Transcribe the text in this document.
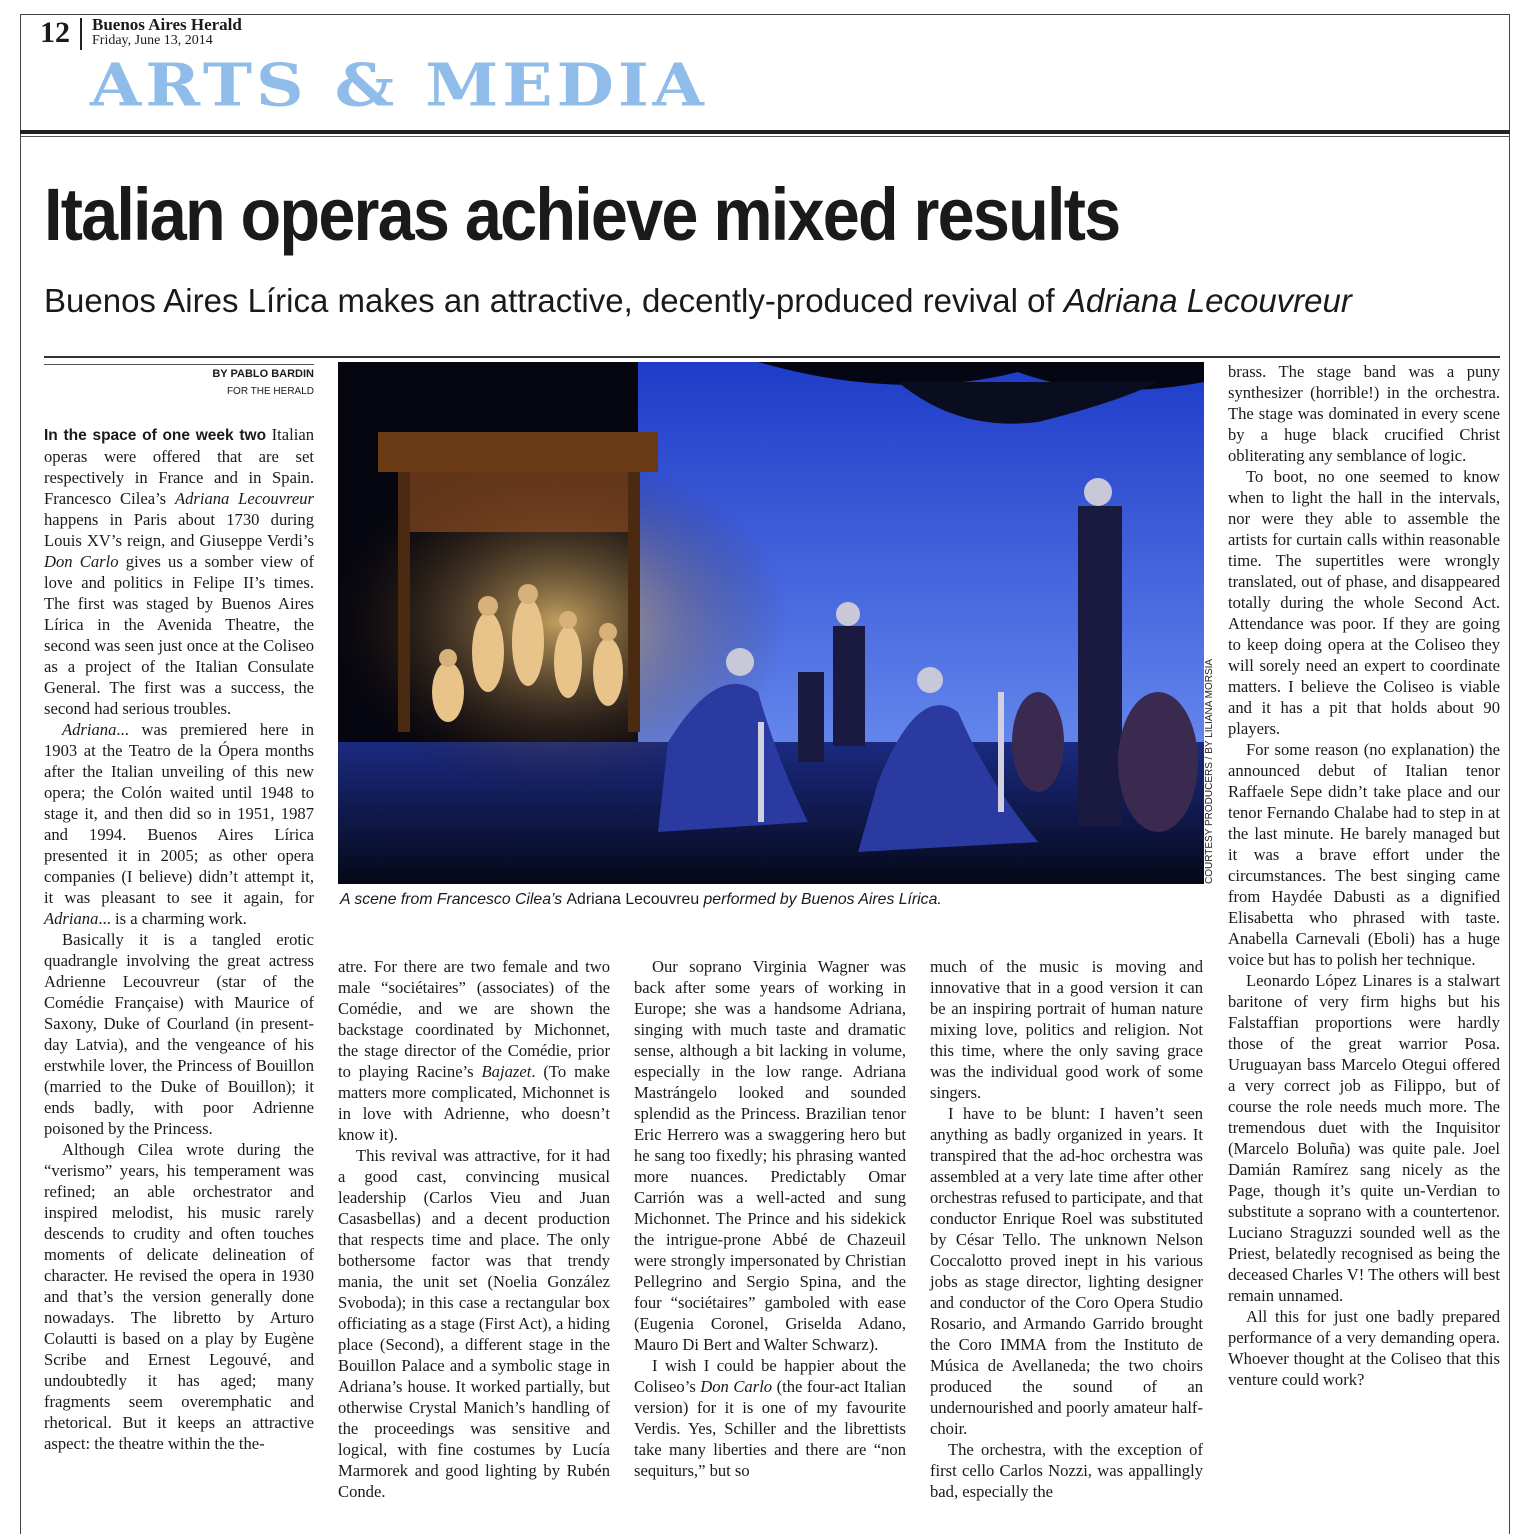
12 Buenos Aires Herald
Friday, June 13, 2014
ARTS & MEDIA
Italian operas achieve mixed results
Buenos Aires Lírica makes an attractive, decently-produced revival of Adriana Lecouvreur
BY PABLO BARDIN
FOR THE HERALD

In the space of one week two Italian operas were offered that are set respectively in France and in Spain. Francesco Cilea’s Adriana Lecouvreur happens in Paris about 1730 during Louis XV’s reign, and Giuseppe Verdi’s Don Carlo gives us a somber view of love and politics in Felipe II’s times. The first was staged by Buenos Aires Lírica in the Avenida Theatre, the second was seen just once at the Coliseo as a project of the Italian Consulate General. The first was a success, the second had serious troubles.

Adriana... was premiered here in 1903 at the Teatro de la Ópera months after the Italian unveiling of this new opera; the Colón waited until 1948 to stage it, and then did so in 1951, 1987 and 1994. Buenos Aires Lírica presented it in 2005; as other opera companies (I believe) didn’t attempt it, it was pleasant to see it again, for Adriana... is a charming work.

Basically it is a tangled erotic quadrangle involving the great actress Adrienne Lecouvreur (star of the Comédie Française) with Maurice of Saxony, Duke of Courland (in present-day Latvia), and the vengeance of his erstwhile lover, the Princess of Bouillon (married to the Duke of Bouillon); it ends badly, with poor Adrienne poisoned by the Princess.

Although Cilea wrote during the “verismo” years, his temperament was refined; an able orchestrator and inspired melodist, his music rarely descends to crudity and often touches moments of delicate delineation of character. He revised the opera in 1930 and that’s the version generally done nowadays. The libretto by Arturo Colautti is based on a play by Eugène Scribe and Ernest Legouvé, and undoubtedly it has aged; many fragments seem overemphatic and rhetorical. But it keeps an attractive aspect: the theatre within the the-

COURTESY PRODUCERS / BY LILIANA MORSIA
A scene from Francesco Cilea’s Adriana Lecouvreu performed by Buenos Aires Lírica.

atre. For there are two female and two male “sociétaires” (associates) of the Comédie, and we are shown the backstage coordinated by Michonnet, the stage director of the Comédie, prior to playing Racine’s Bajazet. (To make matters more complicated, Michonnet is in love with Adrienne, who doesn’t know it).

This revival was attractive, for it had a good cast, convincing musical leadership (Carlos Vieu and Juan Casasbellas) and a decent production that respects time and place. The only bothersome factor was that trendy mania, the unit set (Noelia González Svoboda); in this case a rectangular box officiating as a stage (First Act), a hiding place (Second), a different stage in the Bouillon Palace and a symbolic stage in Adriana’s house. It worked partially, but otherwise Crystal Manich’s handling of the proceedings was sensitive and logical, with fine costumes by Lucía Marmorek and good lighting by Rubén Conde.

Our soprano Virginia Wagner was back after some years of working in Europe; she was a handsome Adriana, singing with much taste and dramatic sense, although a bit lacking in volume, especially in the low range. Adriana Mastrángelo looked and sounded splendid as the Princess. Brazilian tenor Eric Herrero was a swaggering hero but he sang too fixedly; his phrasing wanted more nuances. Predictably Omar Carrión was a well-acted and sung Michonnet. The Prince and his sidekick the intrigue-prone Abbé de Chazeuil were strongly impersonated by Christian Pellegrino and Sergio Spina, and the four “sociétaires” gamboled with ease (Eugenia Coronel, Griselda Adano, Mauro Di Bert and Walter Schwarz).

I wish I could be happier about the Coliseo’s Don Carlo (the four-act Italian version) for it is one of my favourite Verdis. Yes, Schiller and the librettists take many liberties and there are “non sequiturs,” but so

much of the music is moving and innovative that in a good version it can be an inspiring portrait of human nature mixing love, politics and religion. Not this time, where the only saving grace was the individual good work of some singers.

I have to be blunt: I haven’t seen anything as badly organized in years. It transpired that the ad-hoc orchestra was assembled at a very late time after other orchestras refused to participate, and that conductor Enrique Roel was substituted by César Tello. The unknown Nelson Coccalotto proved inept in his various jobs as stage director, lighting designer and conductor of the Coro Opera Studio Rosario, and Armando Garrido brought the Coro IMMA from the Instituto de Música de Avellaneda; the two choirs produced the sound of an undernourished and poorly amateur half-choir.

The orchestra, with the exception of first cello Carlos Nozzi, was appallingly bad, especially the

brass. The stage band was a puny synthesizer (horrible!) in the orchestra. The stage was dominated in every scene by a huge black crucified Christ obliterating any semblance of logic.

To boot, no one seemed to know when to light the hall in the intervals, nor were they able to assemble the artists for curtain calls within reasonable time. The supertitles were wrongly translated, out of phase, and disappeared totally during the whole Second Act. Attendance was poor. If they are going to keep doing opera at the Coliseo they will sorely need an expert to coordinate matters. I believe the Coliseo is viable and it has a pit that holds about 90 players.

For some reason (no explanation) the announced debut of Italian tenor Raffaele Sepe didn’t take place and our tenor Fernando Chalabe had to step in at the last minute. He barely managed but it was a brave effort under the circumstances. The best singing came from Haydée Dabusti as a dignified Elisabetta who phrased with taste. Anabella Carnevali (Eboli) has a huge voice but has to polish her technique.

Leonardo López Linares is a stalwart baritone of very firm highs but his Falstaffian proportions were hardly those of the great warrior Posa. Uruguayan bass Marcelo Otegui offered a very correct job as Filippo, but of course the role needs much more. The tremendous duet with the Inquisitor (Marcelo Boluña) was quite pale. Joel Damián Ramírez sang nicely as the Page, though it’s quite un-Verdian to substitute a soprano with a countertenor. Luciano Straguzzi sounded well as the Priest, belatedly recognised as being the deceased Charles V! The others will best remain unnamed.

All this for just one badly prepared performance of a very demanding opera. Whoever thought at the Coliseo that this venture could work?
